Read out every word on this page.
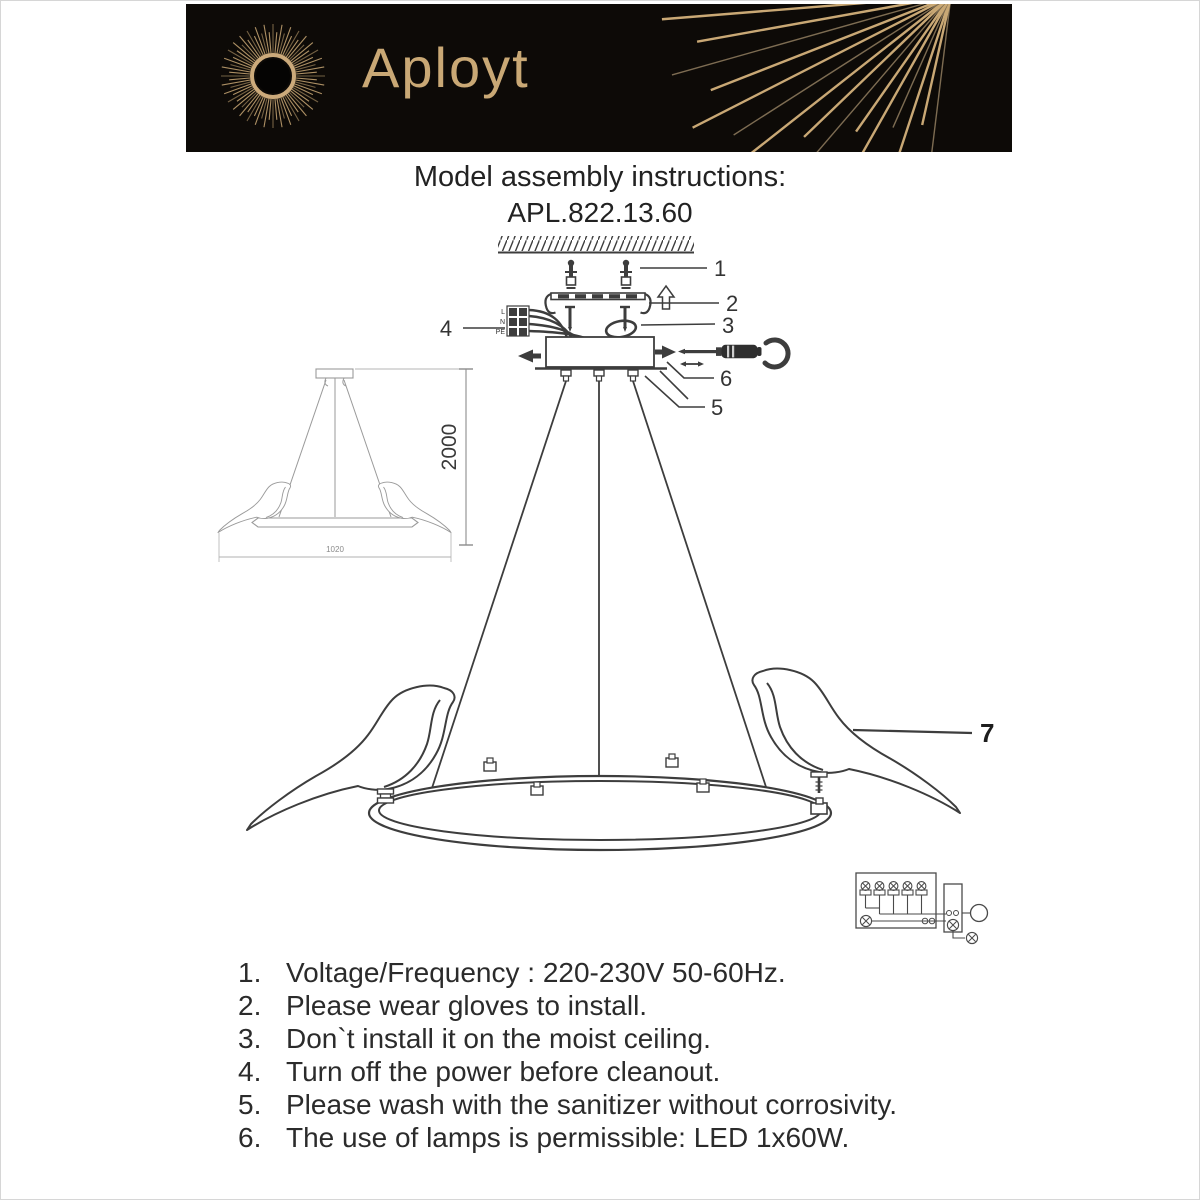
Aployt
Model assembly instructions:
APL.822.13.60
1
2
3
L
N
PE
4
6
5
7
2000
1020
1. Voltage/Frequency : 220-230V 50-60Hz.
2. Please wear gloves to install.
3. Don`t install it on the moist ceiling.
4. Turn off the power before cleanout.
5. Please wash with the sanitizer without corrosivity.
6. The use of lamps is permissible: LED 1x60W.
